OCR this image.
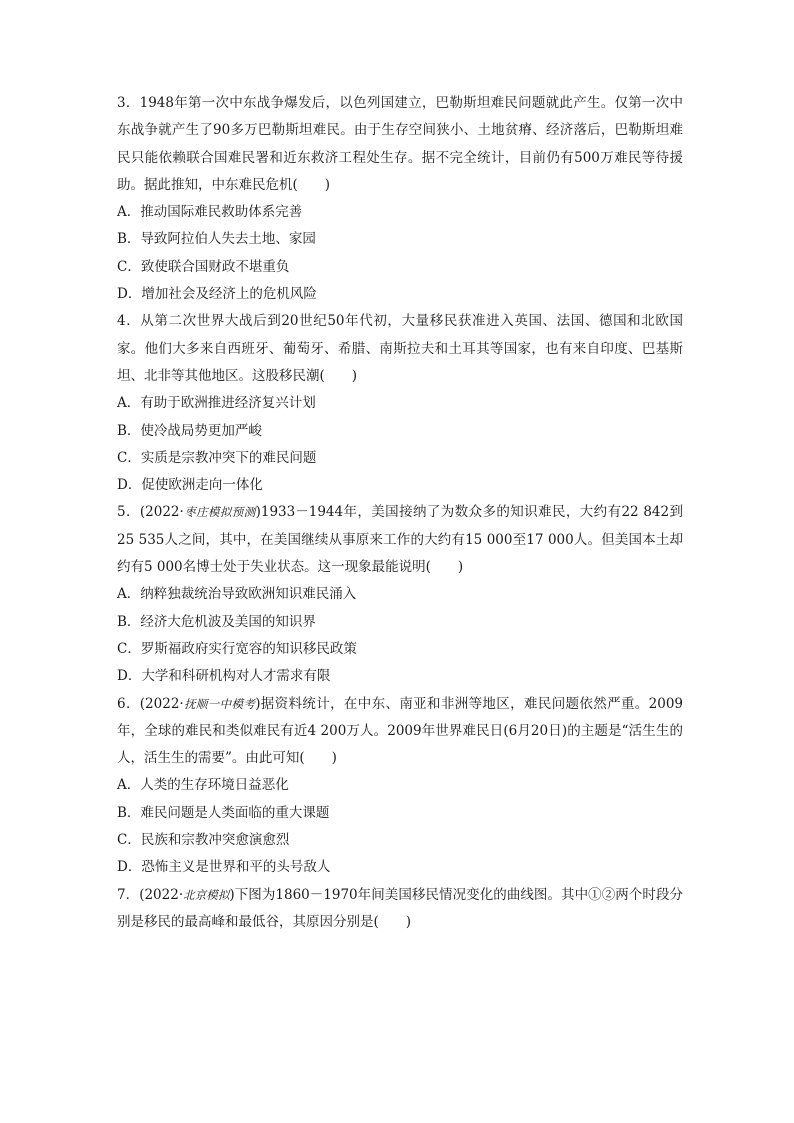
3．1948年第一次中东战争爆发后，以色列国建立，巴勒斯坦难民问题就此产生。仅第一次中东战争就产生了90多万巴勒斯坦难民。由于生存空间狭小、土地贫瘠、经济落后，巴勒斯坦难民只能依赖联合国难民署和近东救济工程处生存。据不完全统计，目前仍有500万难民等待援助。据此推知，中东难民危机(　　)

A．推动国际难民救助体系完善

B．导致阿拉伯人失去土地、家园

C．致使联合国财政不堪重负

D．增加社会及经济上的危机风险

4．从第二次世界大战后到20世纪50年代初，大量移民获准进入英国、法国、德国和北欧国家。他们大多来自西班牙、葡萄牙、希腊、南斯拉夫和土耳其等国家，也有来自印度、巴基斯坦、北非等其他地区。这股移民潮(　　)

A．有助于欧洲推进经济复兴计划

B．使冷战局势更加严峻

C．实质是宗教冲突下的难民问题

D．促使欧洲走向一体化

5．(2022·枣庄模拟预测)1933－1944年，美国接纳了为数众多的知识难民，大约有22 842到25 535人之间，其中，在美国继续从事原来工作的大约有15 000至17 000人。但美国本土却约有5 000名博士处于失业状态。这一现象最能说明(　　)

A．纳粹独裁统治导致欧洲知识难民涌入

B．经济大危机波及美国的知识界

C．罗斯福政府实行宽容的知识移民政策

D．大学和科研机构对人才需求有限

6．(2022·抚顺一中模考)据资料统计，在中东、南亚和非洲等地区，难民问题依然严重。2009年，全球的难民和类似难民有近4 200万人。2009年世界难民日(6月20日)的主题是“活生生的人，活生生的需要”。由此可知(　　)

A．人类的生存环境日益恶化

B．难民问题是人类面临的重大课题

C．民族和宗教冲突愈演愈烈

D．恐怖主义是世界和平的头号敌人

7．(2022·北京模拟)下图为1860－1970年间美国移民情况变化的曲线图。其中①②两个时段分别是移民的最高峰和最低谷，其原因分别是(　　)
